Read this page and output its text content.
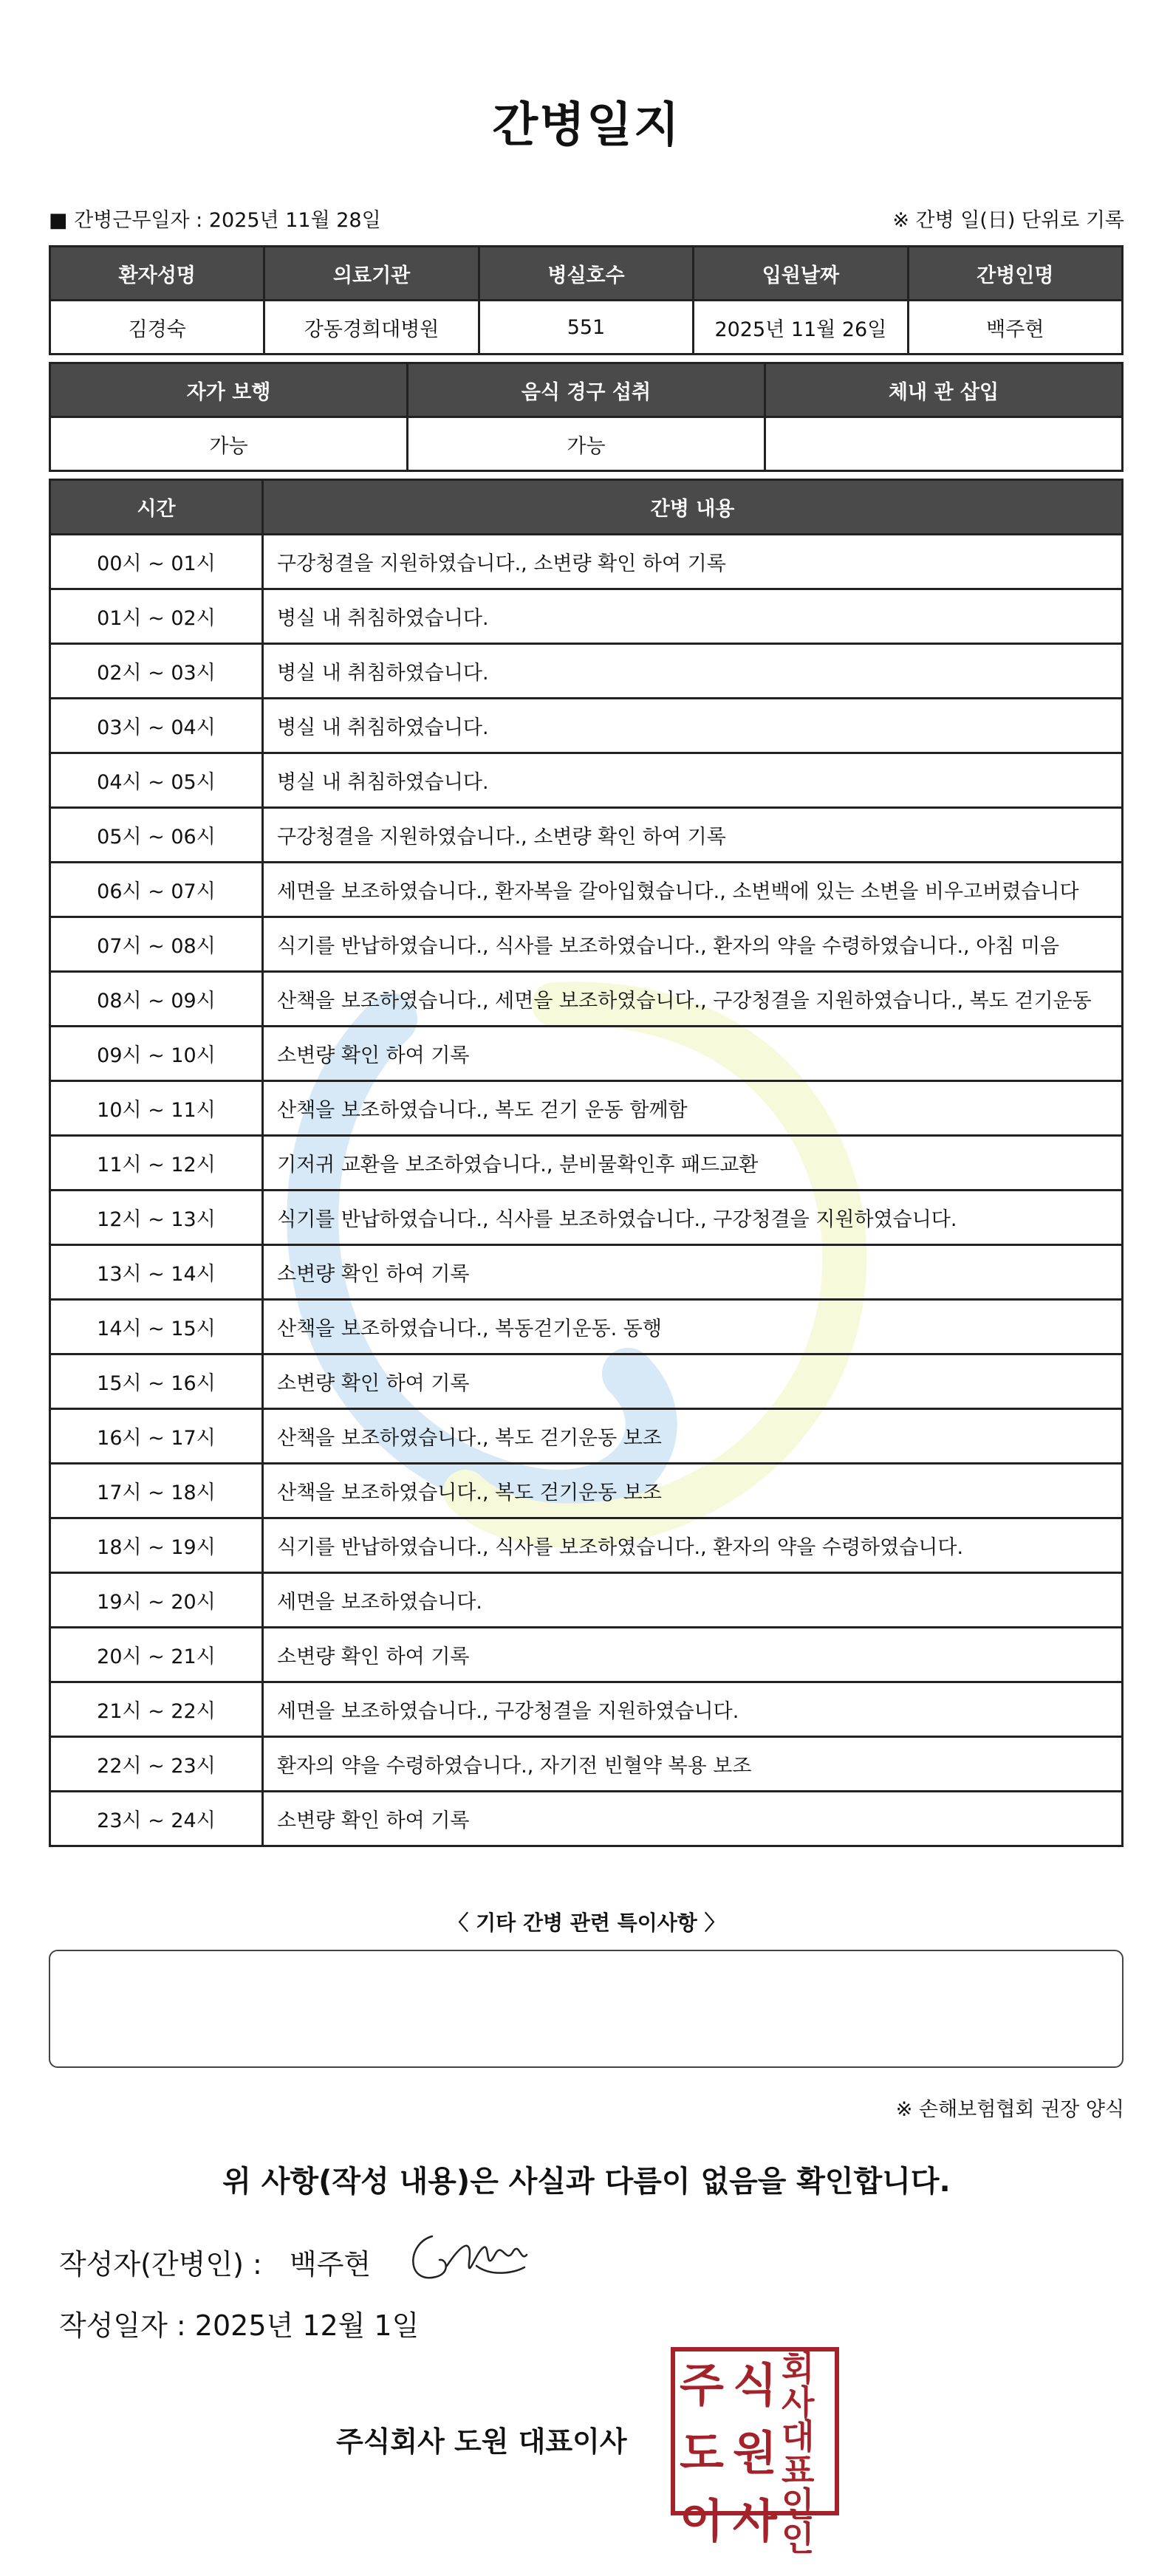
간병일지
■ 간병근무일자 : 2025년 11월 28일	※ 간병 일(日) 단위로 기록
환자성명	의료기관	병실호수	입원날짜	간병인명
김경숙	강동경희대병원	551	2025년 11월 26일	백주현
자가 보행	음식 경구 섭취	체내 관 삽입
가능	가능	
시간	간병 내용
00시 ~ 01시	구강청결을 지원하였습니다., 소변량 확인 하여 기록
01시 ~ 02시	병실 내 취침하였습니다.
02시 ~ 03시	병실 내 취침하였습니다.
03시 ~ 04시	병실 내 취침하였습니다.
04시 ~ 05시	병실 내 취침하였습니다.
05시 ~ 06시	구강청결을 지원하였습니다., 소변량 확인 하여 기록
06시 ~ 07시	세면을 보조하였습니다., 환자복을 갈아입혔습니다., 소변백에 있는 소변을 비우고버렸습니다
07시 ~ 08시	식기를 반납하였습니다., 식사를 보조하였습니다., 환자의 약을 수령하였습니다., 아침 미음
08시 ~ 09시	산책을 보조하였습니다., 세면을 보조하였습니다., 구강청결을 지원하였습니다., 복도 걷기운동
09시 ~ 10시	소변량 확인 하여 기록
10시 ~ 11시	산책을 보조하였습니다., 복도 걷기 운동 함께함
11시 ~ 12시	기저귀 교환을 보조하였습니다., 분비물확인후 패드교환
12시 ~ 13시	식기를 반납하였습니다., 식사를 보조하였습니다., 구강청결을 지원하였습니다.
13시 ~ 14시	소변량 확인 하여 기록
14시 ~ 15시	산책을 보조하였습니다., 복동걷기운동. 동행
15시 ~ 16시	소변량 확인 하여 기록
16시 ~ 17시	산책을 보조하였습니다., 복도 걷기운동 보조
17시 ~ 18시	산책을 보조하였습니다., 복도 걷기운동 보조
18시 ~ 19시	식기를 반납하였습니다., 식사를 보조하였습니다., 환자의 약을 수령하였습니다.
19시 ~ 20시	세면을 보조하였습니다.
20시 ~ 21시	소변량 확인 하여 기록
21시 ~ 22시	세면을 보조하였습니다., 구강청결을 지원하였습니다.
22시 ~ 23시	환자의 약을 수령하였습니다., 자기전 빈혈약 복용 보조
23시 ~ 24시	소변량 확인 하여 기록
〈 기타 간병 관련 특이사항 〉
※ 손해보험협회 권장 양식
위 사항(작성 내용)은 사실과 다름이 없음을 확인합니다.
작성자(간병인) : 백주현
작성일자 : 2025년 12월 1일
주식회사 도원 대표이사
주 식 회사
도 원 대표
이 사 인인
